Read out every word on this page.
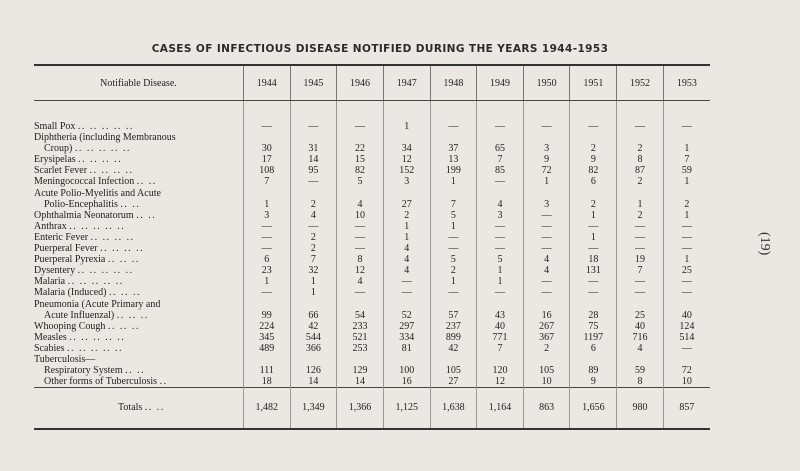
CASES OF INFECTIOUS DISEASE NOTIFIED DURING THE YEARS 1944-1953
(19)
Notifiable Disease.	1944	1945	1946	1947	1948	1949	1950	1951	1952	1953

Small Pox .. .. .. .. ..	—	—	—	1	—	—	—	—	—	—
Diphtheria (including Membranous										
Croup) .. .. .. .. ..	30	31	22	34	37	65	3	2	2	1
Erysipelas .. .. .. ..	17	14	15	12	13	7	9	9	8	7
Scarlet Fever .. .. .. ..	108	95	82	152	199	85	72	82	87	59
Meningococcal Infection .. ..	7	—	5	3	1	—	1	6	2	1
Acute Polio-Myelitis and Acute										
Polio-Encephalitis .. ..	1	2	4	27	7	4	3	2	1	2
Ophthalmia Neonatorum .. ..	3	4	10	2	5	3	—	1	2	1
Anthrax .. .. .. .. ..	—	—	—	1	1	—	—	—	—	—
Enteric Fever .. .. .. ..	—	2	—	1	—	—	—	1	—	—
Puerperal Fever .. .. .. ..	—	2	—	4	—	—	—	—	—	—
Puerperal Pyrexia .. .. ..	6	7	8	4	5	5	4	18	19	1
Dysentery .. .. .. .. ..	23	32	12	4	2	1	4	131	7	25
Malaria .. .. .. .. ..	1	1	4	—	1	1	—	—	—	—
Malaria (Induced) .. .. ..	—	1	—	—	—	—	—	—	—	—
Pneumonia (Acute Primary and										
Acute Influenzal) .. .. ..	99	66	54	52	57	43	16	28	25	40
Whooping Cough .. .. ..	224	42	233	297	237	40	267	75	40	124
Measles .. .. .. .. ..	345	544	521	334	899	771	367	1197	716	514
Scabies .. .. .. .. ..	489	366	253	81	42	7	2	6	4	—
Tuberculosis—										
Respiratory System .. ..	111	126	129	100	105	120	105	89	59	72
Other forms of Tuberculosis ..	18	14	14	16	27	12	10	9	8	10
Totals .. ..	1,482	1,349	1,366	1,125	1,638	1,164	863	1,656	980	857
